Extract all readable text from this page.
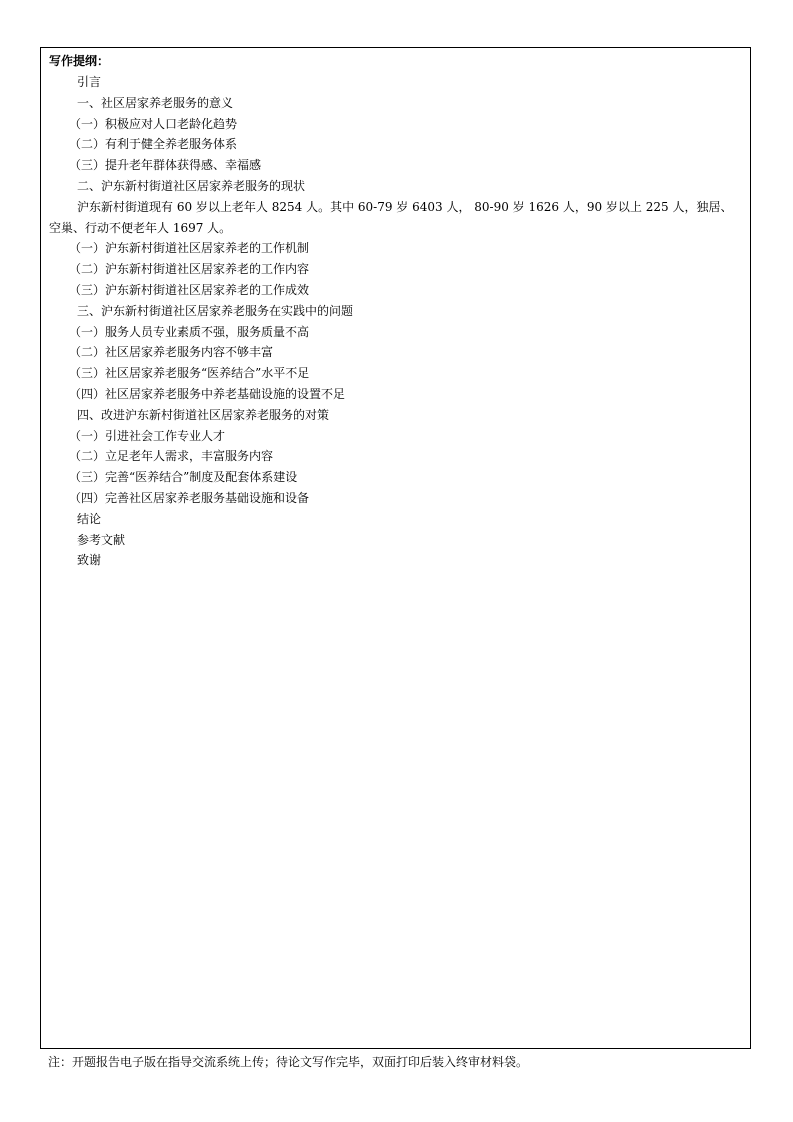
写作提纲：
引言
一、社区居家养老服务的意义
（一）积极应对人口老龄化趋势
（二）有利于健全养老服务体系
（三）提升老年群体获得感、幸福感
二、沪东新村街道社区居家养老服务的现状
沪东新村街道现有 60 岁以上老年人 8254 人。其中 60-79 岁 6403 人， 80-90 岁 1626 人，90 岁以上 225 人，独居、空巢、行动不便老年人 1697 人。
（一）沪东新村街道社区居家养老的工作机制
（二）沪东新村街道社区居家养老的工作内容
（三）沪东新村街道社区居家养老的工作成效
三、沪东新村街道社区居家养老服务在实践中的问题
（一）服务人员专业素质不强，服务质量不高
（二）社区居家养老服务内容不够丰富
（三）社区居家养老服务“医养结合”水平不足
（四）社区居家养老服务中养老基础设施的设置不足
四、改进沪东新村街道社区居家养老服务的对策
（一）引进社会工作专业人才
（二）立足老年人需求，丰富服务内容
（三）完善“医养结合”制度及配套体系建设
（四）完善社区居家养老服务基础设施和设备
结论
参考文献
致谢
注：开题报告电子版在指导交流系统上传；待论文写作完毕，双面打印后装入终审材料袋。
